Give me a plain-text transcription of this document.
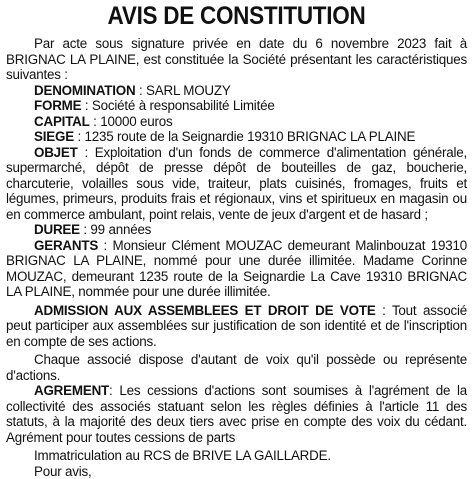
AVIS DE CONSTITUTION

Par acte sous signature privée en date du 6 novembre 2023 fait à BRIGNAC LA PLAINE, est constituée la Société présentant les caractéristiques suivantes :

DENOMINATION : SARL MOUZY

FORME : Société à responsabilité Limitée

CAPITAL : 10000 euros

SIEGE : 1235 route de la Seignardie 19310 BRIGNAC LA PLAINE

OBJET : Exploitation d'un fonds de commerce d'alimentation générale, supermarché, dépôt de presse dépôt de bouteilles de gaz, boucherie, charcuterie, volailles sous vide, traiteur, plats cuisinés, fromages, fruits et légumes, primeurs, produits frais et régionaux, vins et spiritueux en magasin ou en commerce ambulant, point relais, vente de jeux d'argent et de hasard ;

DUREE : 99 années

GERANTS : Monsieur Clément MOUZAC demeurant Malinbouzat 19310 BRIGNAC LA PLAINE, nommé pour une durée illimitée. Madame Corinne MOUZAC, demeurant 1235 route de la Seignardie La Cave 19310 BRIGNAC LA PLAINE, nommée pour une durée illimitée.

ADMISSION AUX ASSEMBLEES ET DROIT DE VOTE : Tout associé peut participer aux assemblées sur justification de son identité et de l'inscription en compte de ses actions.

Chaque associé dispose d'autant de voix qu'il possède ou représente d'actions.

AGREMENT: Les cessions d'actions sont soumises à l'agrément de la collectivité des associés statuant selon les règles définies à l'article 11 des statuts, à la majorité des deux tiers avec prise en compte des voix du cédant. Agrément pour toutes cessions de parts

Immatriculation au RCS de BRIVE LA GAILLARDE.

Pour avis,
